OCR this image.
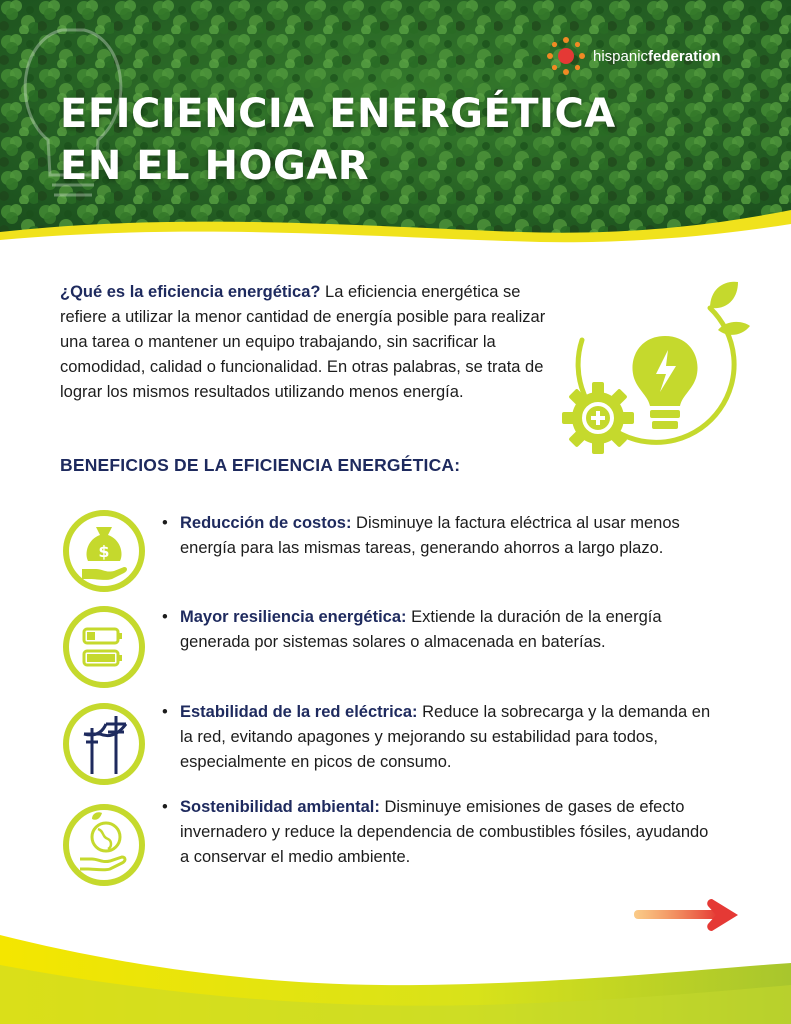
EFICIENCIA ENERGÉTICA
EN EL HOGAR
hispanicfederation

¿Qué es la eficiencia energética? La eficiencia energética se refiere a utilizar la menor cantidad de energía posible para realizar una tarea o mantener un equipo trabajando, sin sacrificar la comodidad, calidad o funcionalidad. En otras palabras, se trata de lograr los mismos resultados utilizando menos energía.

BENEFICIOS DE LA EFICIENCIA ENERGÉTICA:
$
• Reducción de costos: Disminuye la factura eléctrica al usar menos energía para las mismas tareas, generando ahorros a largo plazo.
• Mayor resiliencia energética: Extiende la duración de la energía generada por sistemas solares o almacenada en baterías.
• Estabilidad de la red eléctrica: Reduce la sobrecarga y la demanda en la red, evitando apagones y mejorando su estabilidad para todos, especialmente en picos de consumo.
• Sostenibilidad ambiental: Disminuye emisiones de gases de efecto invernadero y reduce la dependencia de combustibles fósiles, ayudando a conservar el medio ambiente.
